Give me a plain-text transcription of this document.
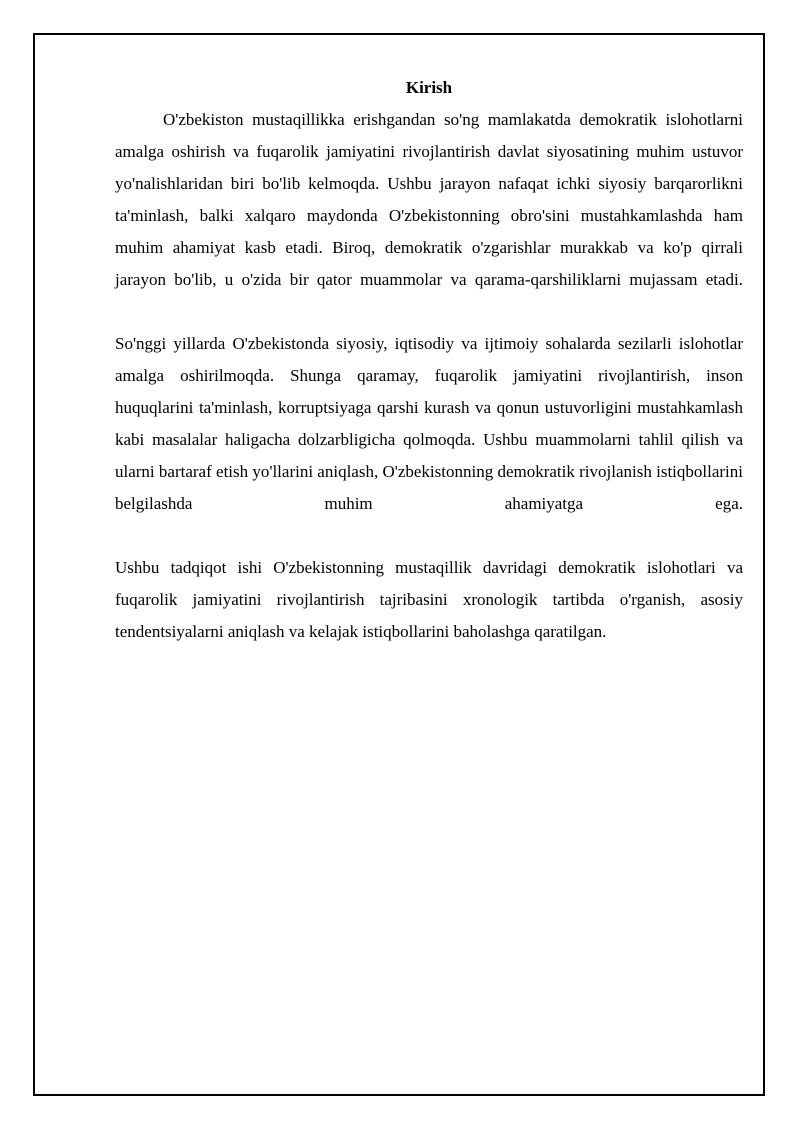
Kirish

O'zbekiston mustaqillikka erishgandan so'ng mamlakatda demokratik islohotlarni amalga oshirish va fuqarolik jamiyatini rivojlantirish davlat siyosatining muhim ustuvor yo'nalishlaridan biri bo'lib kelmoqda. Ushbu jarayon nafaqat ichki siyosiy barqarorlikni ta'minlash, balki xalqaro maydonda O'zbekistonning obro'sini mustahkamlashda ham muhim ahamiyat kasb etadi. Biroq, demokratik o'zgarishlar murakkab va ko'p qirrali jarayon bo'lib, u o'zida bir qator muammolar va qarama-qarshiliklarni mujassam etadi.

So'nggi yillarda O'zbekistonda siyosiy, iqtisodiy va ijtimoiy sohalarda sezilarli islohotlar amalga oshirilmoqda. Shunga qaramay, fuqarolik jamiyatini rivojlantirish, inson huquqlarini ta'minlash, korruptsiyaga qarshi kurash va qonun ustuvorligini mustahkamlash kabi masalalar haligacha dolzarbligicha qolmoqda. Ushbu muammolarni tahlil qilish va ularni bartaraf etish yo'llarini aniqlash, O'zbekistonning demokratik rivojlanish istiqbollarini belgilashda muhim ahamiyatga ega.

Ushbu tadqiqot ishi O'zbekistonning mustaqillik davridagi demokratik islohotlari va fuqarolik jamiyatini rivojlantirish tajribasini xronologik tartibda o'rganish, asosiy tendentsiyalarni aniqlash va kelajak istiqbollarini baholashga qaratilgan.
